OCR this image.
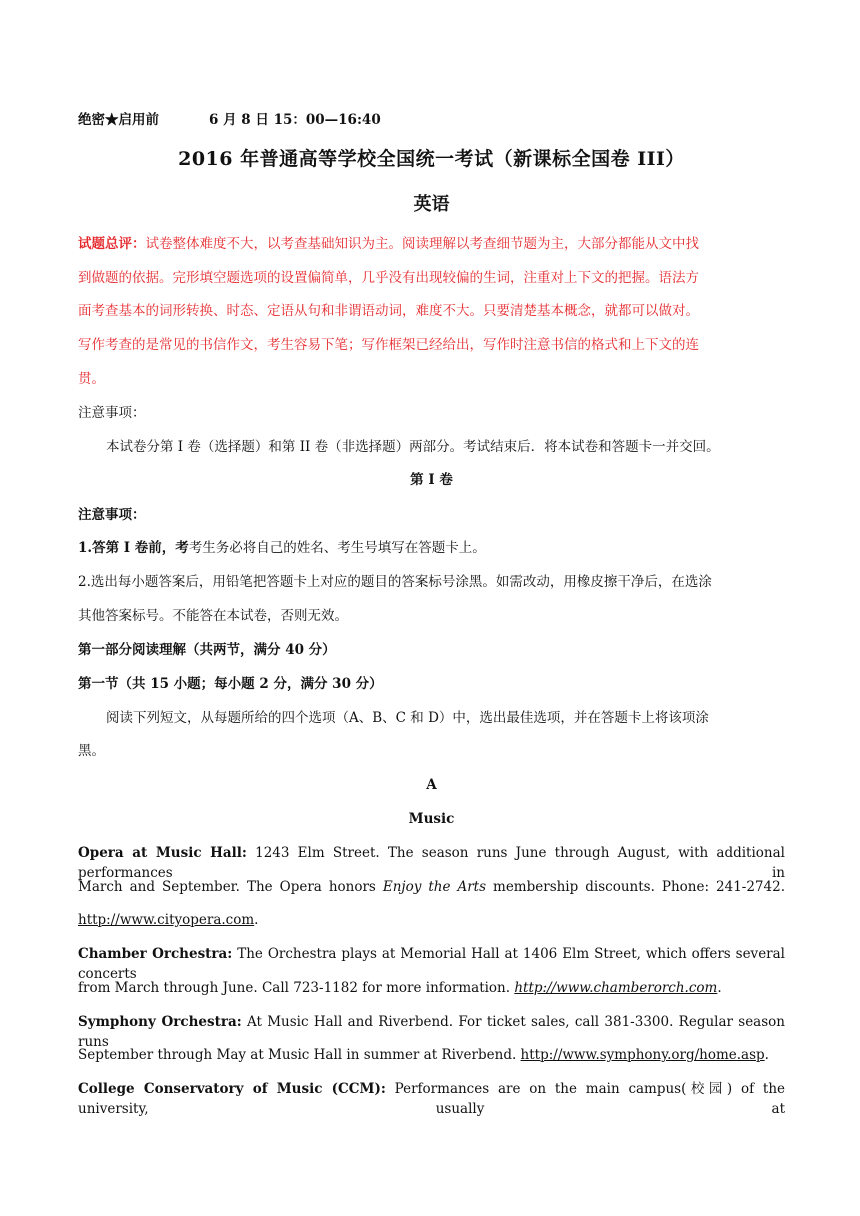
绝密★启用前	6 月 8 日 15：00—16:40
2016 年普通高等学校全国统一考试（新课标全国卷 III）
英语
试题总评：试卷整体难度不大，以考查基础知识为主。阅读理解以考查细节题为主，大部分都能从文中找
到做题的依据。完形填空题选项的设置偏简单，几乎没有出现较偏的生词，注重对上下文的把握。语法方
面考查基本的词形转换、时态、定语从句和非谓语动词，难度不大。只要清楚基本概念，就都可以做对。
写作考查的是常见的书信作文，考生容易下笔；写作框架已经给出，写作时注意书信的格式和上下文的连
贯。
注意事项：
本试卷分第 I 卷（选择题）和第 II 卷（非选择题）两部分。考试结束后．将本试卷和答题卡一并交回。
第 I 卷
注意事项：
1.答第 I 卷前，考考生务必将自己的姓名、考生号填写在答题卡上。
2.选出每小题答案后，用铅笔把答题卡上对应的题目的答案标号涂黑。如需改动，用橡皮擦干净后，在选涂
其他答案标号。不能答在本试卷，否则无效。
第一部分阅读理解（共两节，满分 40 分）
第一节（共 15 小题；每小题 2 分，满分 30 分）
阅读下列短文，从每题所给的四个选项（A、B、C 和 D）中，选出最佳选项，并在答题卡上将该项涂
黑。
A
Music
Opera at Music Hall: 1243 Elm Street. The season runs June through August, with additional performances in
March and September. The Opera honors Enjoy the Arts membership discounts. Phone: 241-2742.
http://www.cityopera.com.
Chamber Orchestra: The Orchestra plays at Memorial Hall at 1406 Elm Street, which offers several concerts
from March through June. Call 723-1182 for more information. http://www.chamberorch.com.
Symphony Orchestra: At Music Hall and Riverbend. For ticket sales, call 381-3300. Regular season runs
September through May at Music Hall in summer at Riverbend. http://www.symphony.org/home.asp.
College Conservatory of Music (CCM): Performances are on the main campus(校园) of the university, usually at
